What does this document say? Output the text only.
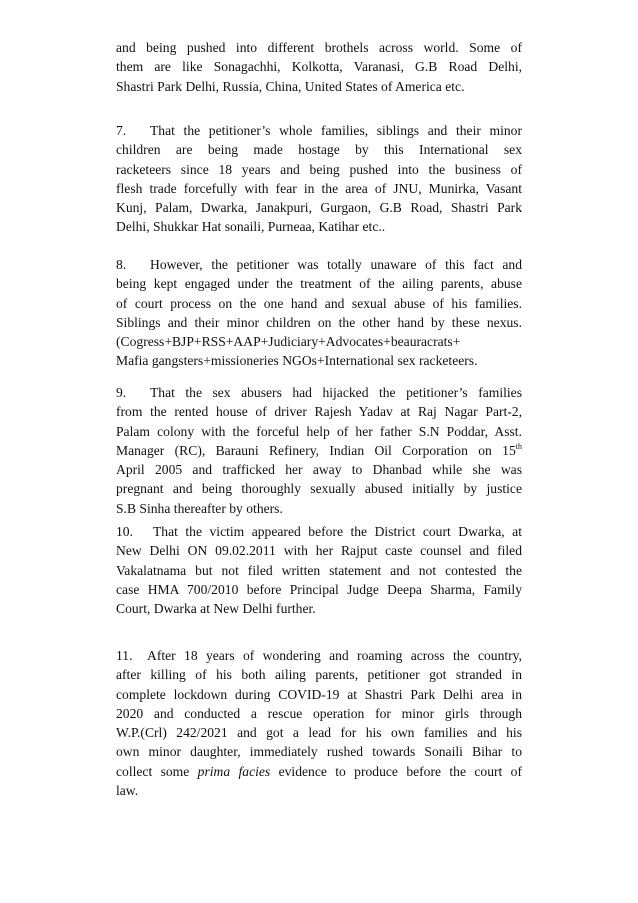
and being pushed into different brothels across world. Some of
them are like Sonagachhi, Kolkotta, Varanasi, G.B Road Delhi,
Shastri Park Delhi, Russia, China, United States of America etc.
7. That the petitioner’s whole families, siblings and their minor
children are being made hostage by this International sex
racketeers since 18 years and being pushed into the business of
flesh trade forcefully with fear in the area of JNU, Munirka, Vasant
Kunj, Palam, Dwarka, Janakpuri, Gurgaon, G.B Road, Shastri Park
Delhi, Shukkar Hat sonaili, Purneaa, Katihar etc..
8. However, the petitioner was totally unaware of this fact and
being kept engaged under the treatment of the ailing parents, abuse
of court process on the one hand and sexual abuse of his families.
Siblings and their minor children on the other hand by these nexus.
(Cogress+BJP+RSS+AAP+Judiciary+Advocates+beauracrats+
Mafia gangsters+missioneries NGOs+International sex racketeers.
9. That the sex abusers had hijacked the petitioner’s families
from the rented house of driver Rajesh Yadav at Raj Nagar Part-2,
Palam colony with the forceful help of her father S.N Poddar, Asst.
Manager (RC), Barauni Refinery, Indian Oil Corporation on 15th
April 2005 and trafficked her away to Dhanbad while she was
pregnant and being thoroughly sexually abused initially by justice
S.B Sinha thereafter by others.
10. That the victim appeared before the District court Dwarka, at
New Delhi ON 09.02.2011 with her Rajput caste counsel and filed
Vakalatnama but not filed written statement and not contested the
case HMA 700/2010 before Principal Judge Deepa Sharma, Family
Court, Dwarka at New Delhi further.
11. After 18 years of wondering and roaming across the country,
after killing of his both ailing parents, petitioner got stranded in
complete lockdown during COVID-19 at Shastri Park Delhi area in
2020 and conducted a rescue operation for minor girls through
W.P.(Crl) 242/2021 and got a lead for his own families and his
own minor daughter, immediately rushed towards Sonaili Bihar to
collect some prima facies evidence to produce before the court of
law.
